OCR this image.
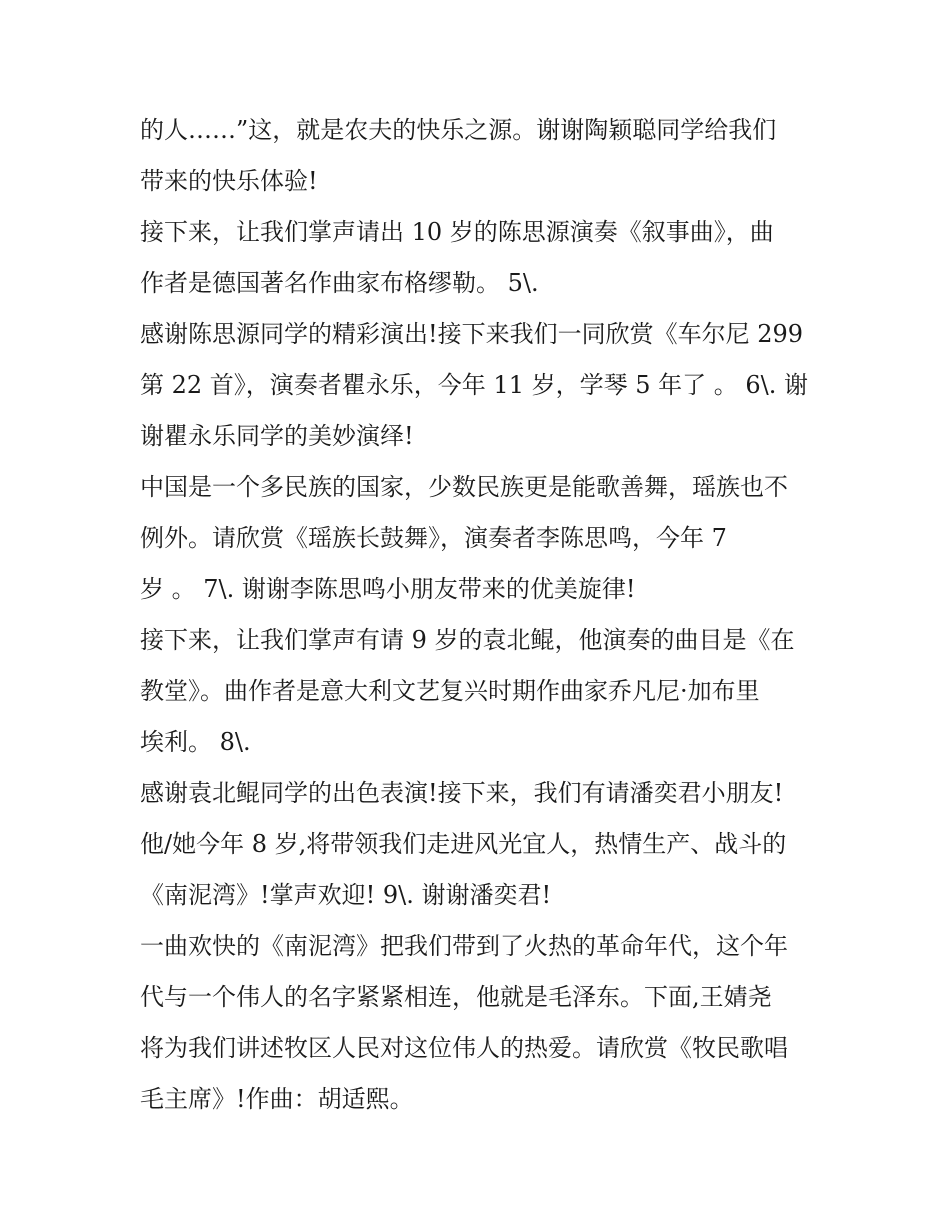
的人……”这，就是农夫的快乐之源。谢谢陶颖聪同学给我们
带来的快乐体验!
接下来，让我们掌声请出 10 岁的陈思源演奏《叙事曲》，曲
作者是德国著名作曲家布格缪勒。 5\.
感谢陈思源同学的精彩演出!接下来我们一同欣赏《车尔尼 299
第 22 首》，演奏者瞿永乐，今年 11 岁，学琴 5 年了 。 6\. 谢
谢瞿永乐同学的美妙演绎!
中国是一个多民族的国家，少数民族更是能歌善舞，瑶族也不
例外。请欣赏《瑶族长鼓舞》，演奏者李陈思鸣，今年 7
岁 。 7\. 谢谢李陈思鸣小朋友带来的优美旋律!
接下来，让我们掌声有请 9 岁的袁北鲲，他演奏的曲目是《在
教堂》。曲作者是意大利文艺复兴时期作曲家乔凡尼·加布里
埃利。 8\.
感谢袁北鲲同学的出色表演!接下来，我们有请潘奕君小朋友!
他/她今年 8 岁,将带领我们走进风光宜人，热情生产、战斗的
《南泥湾》!掌声欢迎! 9\. 谢谢潘奕君!
一曲欢快的《南泥湾》把我们带到了火热的革命年代，这个年
代与一个伟人的名字紧紧相连，他就是毛泽东。下面,王婧尧
将为我们讲述牧区人民对这位伟人的热爱。请欣赏《牧民歌唱
毛主席》!作曲：胡适熙。
